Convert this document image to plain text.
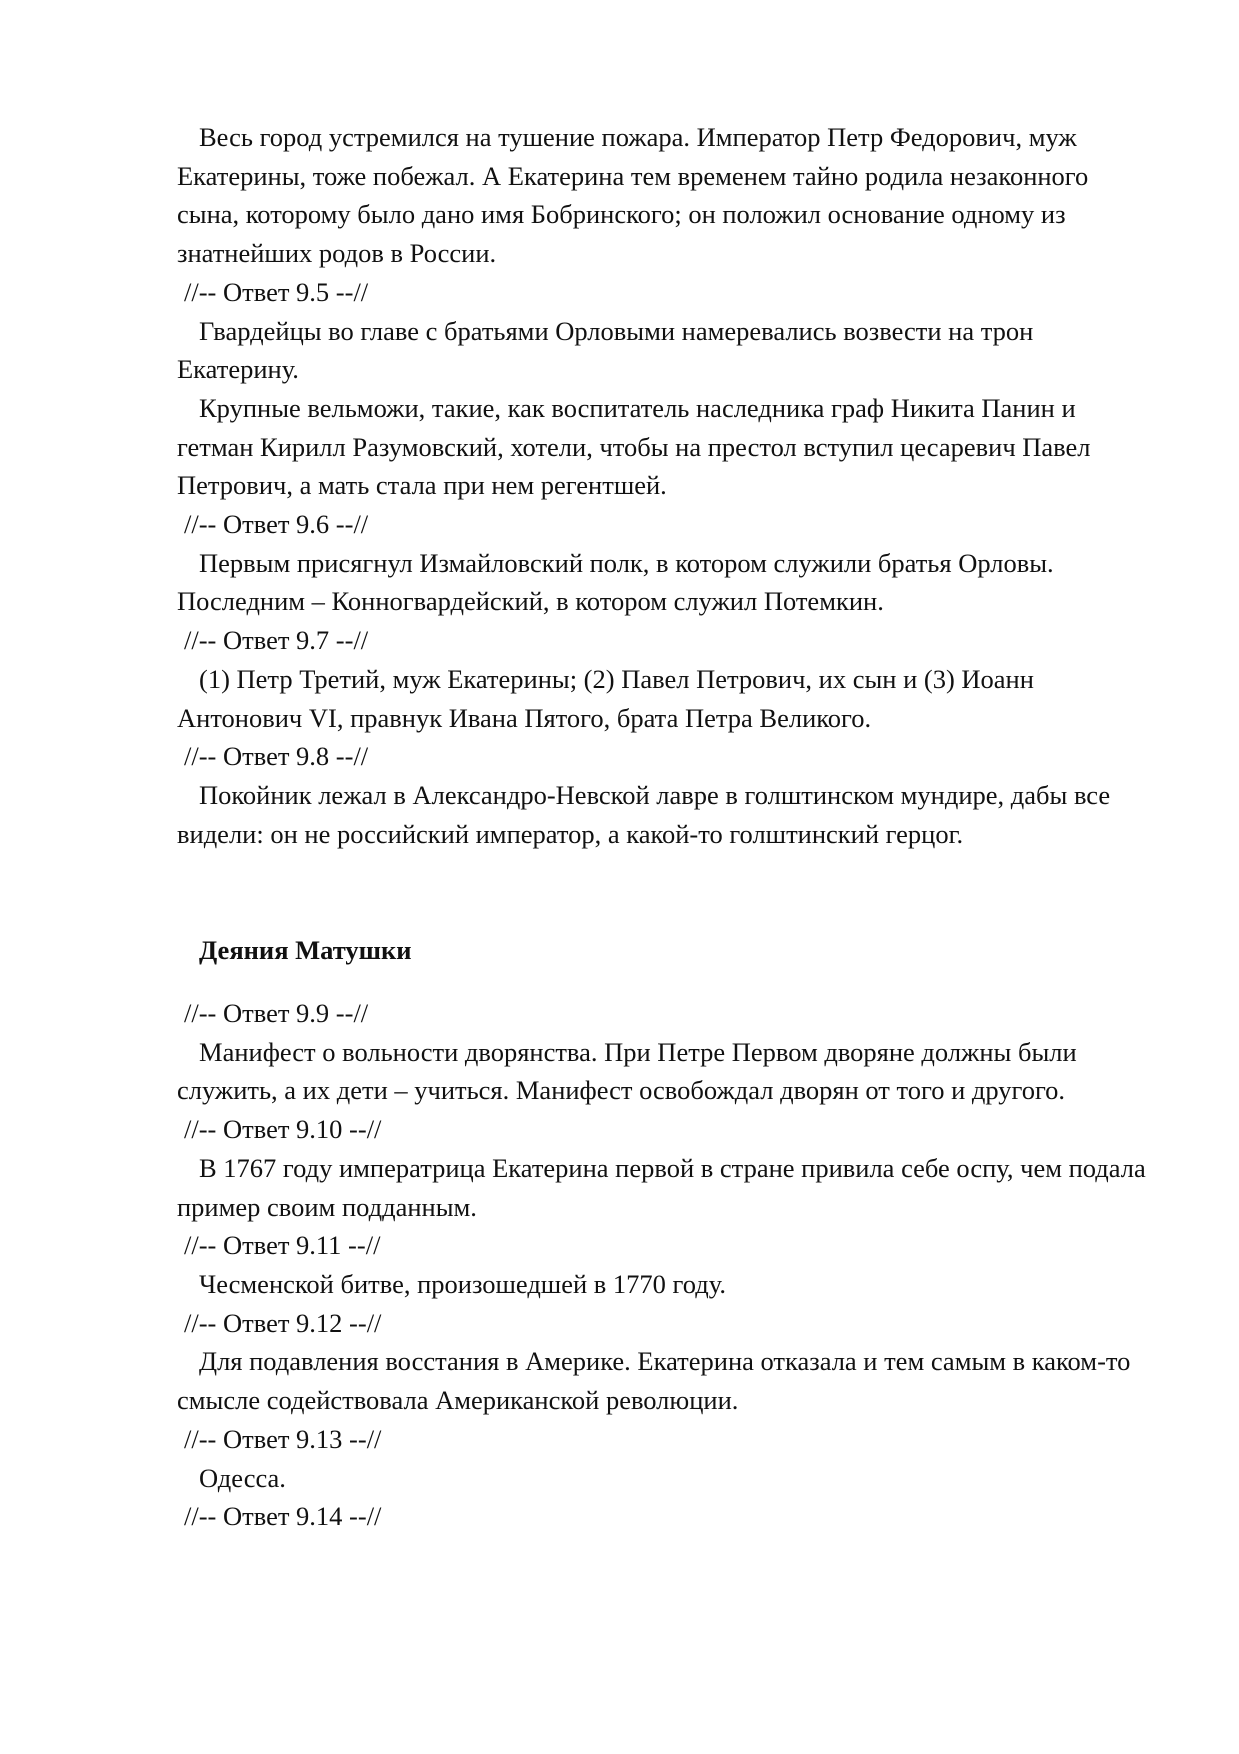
Весь город устремился на тушение пожара. Император Петр Федорович, муж Екатерины, тоже побежал. А Екатерина тем временем тайно родила незаконного сына, которому было дано имя Бобринского; он положил основание одному из знатнейших родов в России.

//-- Ответ 9.5 --//

Гвардейцы во главе с братьями Орловыми намеревались возвести на трон Екатерину.

Крупные вельможи, такие, как воспитатель наследника граф Никита Панин и гетман Кирилл Разумовский, хотели, чтобы на престол вступил цесаревич Павел Петрович, а мать стала при нем регентшей.

//-- Ответ 9.6 --//

Первым присягнул Измайловский полк, в котором служили братья Орловы. Последним – Конногвардейский, в котором служил Потемкин.

//-- Ответ 9.7 --//

(1) Петр Третий, муж Екатерины; (2) Павел Петрович, их сын и (3) Иоанн Антонович VI, правнук Ивана Пятого, брата Петра Великого.

//-- Ответ 9.8 --//

Покойник лежал в Александро-Невской лавре в голштинском мундире, дабы все видели: он не российский император, а какой-то голштинский герцог.

Деяния Матушки

//-- Ответ 9.9 --//

Манифест о вольности дворянства. При Петре Первом дворяне должны были служить, а их дети – учиться. Манифест освобождал дворян от того и другого.

//-- Ответ 9.10 --//

В 1767 году императрица Екатерина первой в стране привила себе оспу, чем подала пример своим подданным.

//-- Ответ 9.11 --//

Чесменской битве, произошедшей в 1770 году.

//-- Ответ 9.12 --//

Для подавления восстания в Америке. Екатерина отказала и тем самым в каком-то смысле содействовала Американской революции.

//-- Ответ 9.13 --//

Одесса.

//-- Ответ 9.14 --//
